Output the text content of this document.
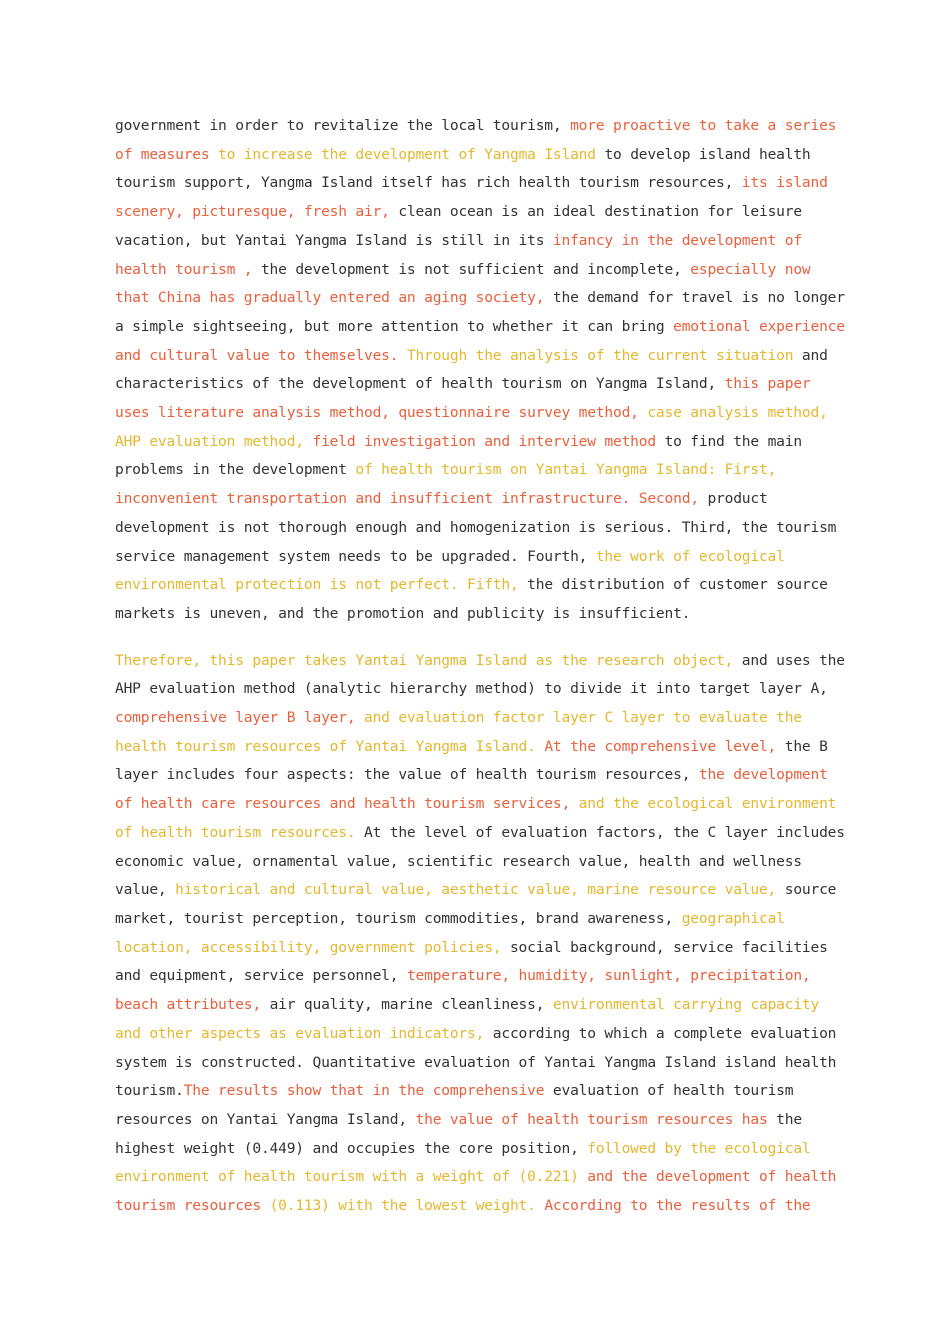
government in order to revitalize the local tourism, more proactive to take a series
of measures to increase the development of Yangma Island to develop island health
tourism support, Yangma Island itself has rich health tourism resources, its island
scenery, picturesque, fresh air, clean ocean is an ideal destination for leisure
vacation, but Yantai Yangma Island is still in its infancy in the development of
health tourism , the development is not sufficient and incomplete, especially now
that China has gradually entered an aging society, the demand for travel is no longer
a simple sightseeing, but more attention to whether it can bring emotional experience
and cultural value to themselves. Through the analysis of the current situation and
characteristics of the development of health tourism on Yangma Island, this paper
uses literature analysis method, questionnaire survey method, case analysis method,
AHP evaluation method, field investigation and interview method to find the main
problems in the development of health tourism on Yantai Yangma Island: First,
inconvenient transportation and insufficient infrastructure. Second, product
development is not thorough enough and homogenization is serious. Third, the tourism
service management system needs to be upgraded. Fourth, the work of ecological
environmental protection is not perfect. Fifth, the distribution of customer source
markets is uneven, and the promotion and publicity is insufficient.
Therefore, this paper takes Yantai Yangma Island as the research object, and uses the
AHP evaluation method (analytic hierarchy method) to divide it into target layer A,
comprehensive layer B layer, and evaluation factor layer C layer to evaluate the
health tourism resources of Yantai Yangma Island. At the comprehensive level, the B
layer includes four aspects: the value of health tourism resources, the development
of health care resources and health tourism services, and the ecological environment
of health tourism resources. At the level of evaluation factors, the C layer includes
economic value, ornamental value, scientific research value, health and wellness
value, historical and cultural value, aesthetic value, marine resource value, source
market, tourist perception, tourism commodities, brand awareness, geographical
location, accessibility, government policies, social background, service facilities
and equipment, service personnel, temperature, humidity, sunlight, precipitation,
beach attributes, air quality, marine cleanliness, environmental carrying capacity
and other aspects as evaluation indicators, according to which a complete evaluation
system is constructed. Quantitative evaluation of Yantai Yangma Island island health
tourism.The results show that in the comprehensive evaluation of health tourism
resources on Yantai Yangma Island, the value of health tourism resources has the
highest weight (0.449) and occupies the core position, followed by the ecological
environment of health tourism with a weight of (0.221) and the development of health
tourism resources (0.113) with the lowest weight. According to the results of the
